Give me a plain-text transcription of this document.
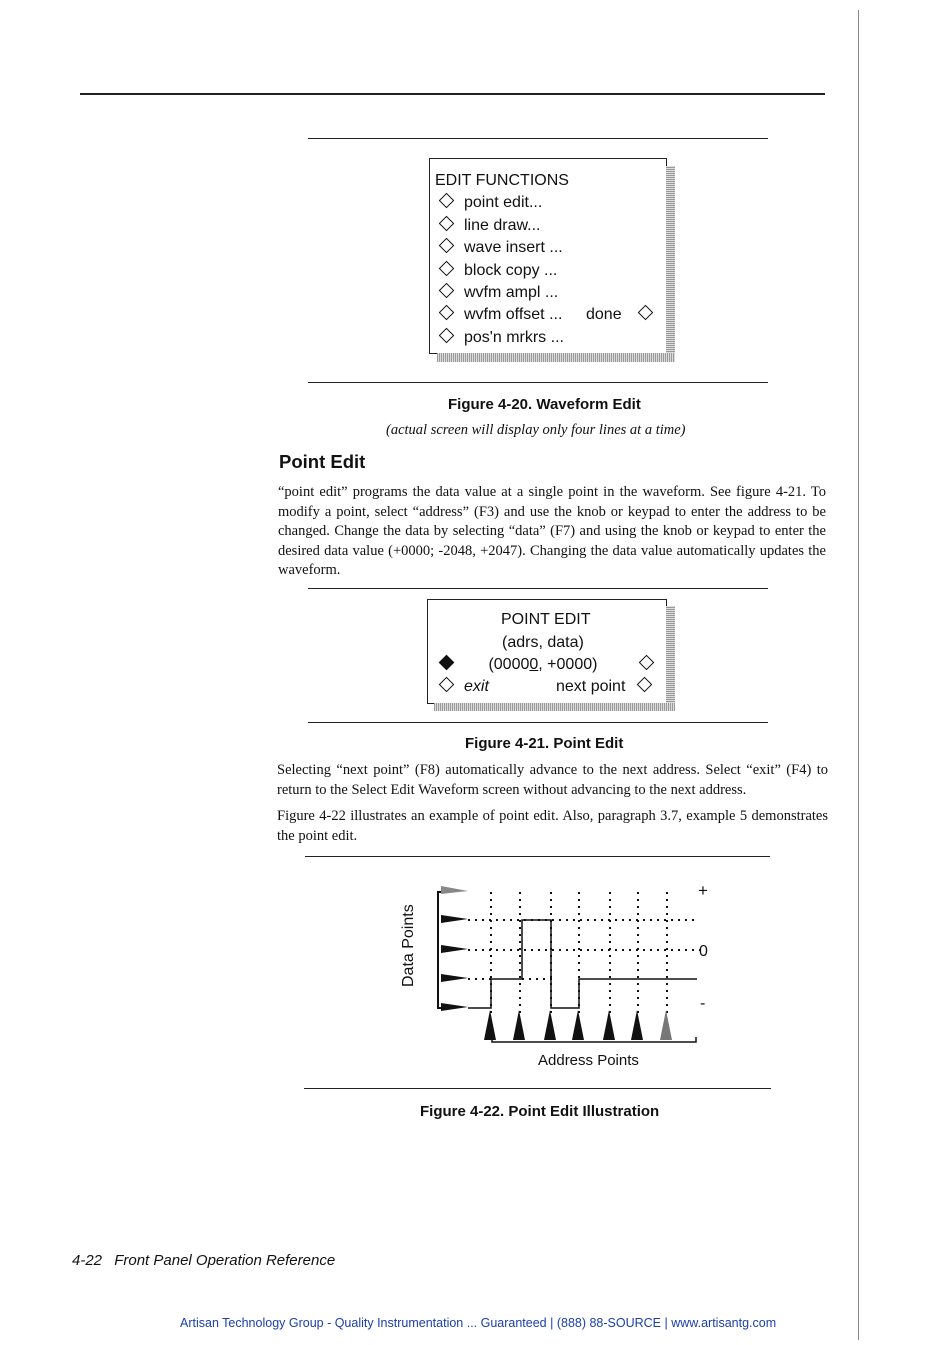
EDIT FUNCTIONS
point edit...
line draw...
wave insert ...
block copy ...
wvfm ampl ...
wvfm offset ... done
pos'n mrkrs ...
Figure 4-20. Waveform Edit
(actual screen will display only four lines at a time)
Point Edit

“point edit” programs the data value at a single point in the waveform. See figure 4-21. To modify a point, select “address” (F3) and use the knob or keypad to enter the address to be changed. Change the data by selecting “data” (F7) and using the knob or keypad to enter the desired data value (+0000; -2048, +2047). Changing the data value automatically updates the waveform.

POINT EDIT
(adrs, data)
(00000, +0000)
exit	next point
Figure 4-21. Point Edit

Selecting “next point” (F8) automatically advance to the next address. Select “exit” (F4) to return to the Select Edit Waveform screen without advancing to the next address.

Figure 4-22 illustrates an example of point edit. Also, paragraph 3.7, example 5 demonstrates the point edit.

+
0
-
Data Points
Address Points
Figure 4-22. Point Edit Illustration
4-22 Front Panel Operation Reference
Artisan Technology Group - Quality Instrumentation ... Guaranteed | (888) 88-SOURCE | www.artisantg.com
